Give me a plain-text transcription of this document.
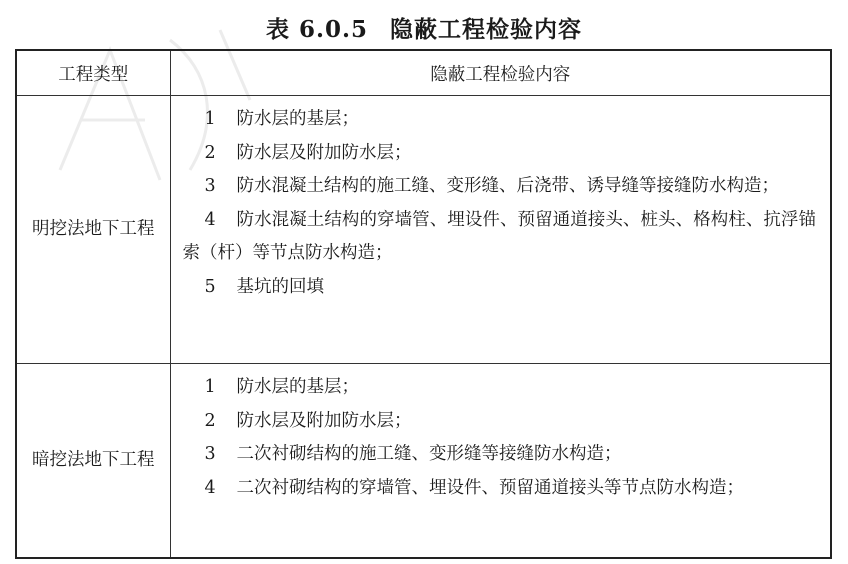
表 6.0.5 隐蔽工程检验内容
工程类型	隐蔽工程检验内容
明挖法地下工程	1 防水层的基层；
2 防水层及附加防水层；
3 防水混凝土结构的施工缝、变形缝、后浇带、诱导缝等接缝防水构造；
4 防水混凝土结构的穿墙管、埋设件、预留通道接头、桩头、格构柱、抗浮锚索（杆）等节点防水构造；
5 基坑的回填

暗挖法地下工程	1 防水层的基层；
2 防水层及附加防水层；
3 二次衬砌结构的施工缝、变形缝等接缝防水构造；
4 二次衬砌结构的穿墙管、埋设件、预留通道接头等节点防水构造；
